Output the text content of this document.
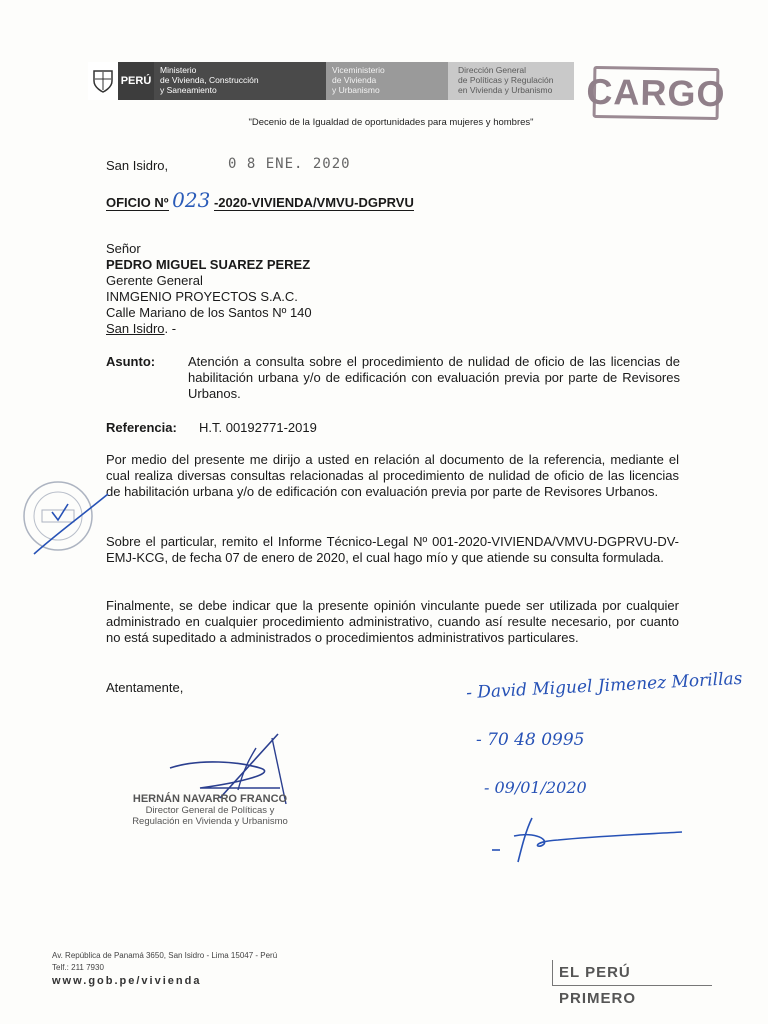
PERÚ
Ministerio
de Vivienda, Construcción
y Saneamiento
Viceministerio
de Vivienda
y Urbanismo
Dirección General
de Políticas y Regulación
en Vivienda y Urbanismo CARGO
"Decenio de la Igualdad de oportunidades para mujeres y hombres"
San Isidro,	0 8 ENE. 2020
OFICIO Nº 023 -2020-VIVIENDA/VMVU-DGPRVU
Señor
PEDRO MIGUEL SUAREZ PEREZ
Gerente General
INMGENIO PROYECTOS S.A.C.
Calle Mariano de los Santos Nº 140
San Isidro. -
Asunto:	Atención a consulta sobre el procedimiento de nulidad de oficio de las licencias de habilitación urbana y/o de edificación con evaluación previa por parte de Revisores Urbanos.
Referencia: H.T. 00192771-2019
Por medio del presente me dirijo a usted en relación al documento de la referencia, mediante el cual realiza diversas consultas relacionadas al procedimiento de nulidad de oficio de las licencias de habilitación urbana y/o de edificación con evaluación previa por parte de Revisores Urbanos.
Sobre el particular, remito el Informe Técnico-Legal Nº 001-2020-VIVIENDA/VMVU-DGPRVU-DV-EMJ-KCG, de fecha 07 de enero de 2020, el cual hago mío y que atiende su consulta formulada.
Finalmente, se debe indicar que la presente opinión vinculante puede ser utilizada por cualquier administrado en cualquier procedimiento administrativo, cuando así resulte necesario, por cuanto no está supeditado a administrados o procedimientos administrativos particulares.
Atentamente,
HERNÁN NAVARRO FRANCO
Director General de Políticas y
Regulación en Vivienda y Urbanismo
- David Miguel Jimenez Morillas
- 70 48 0995
- 09/01/2020
Av. República de Panamá 3650, San Isidro - Lima 15047 - Perú
Telf.: 211 7930
www.gob.pe/vivienda	EL PERÚ PRIMERO
